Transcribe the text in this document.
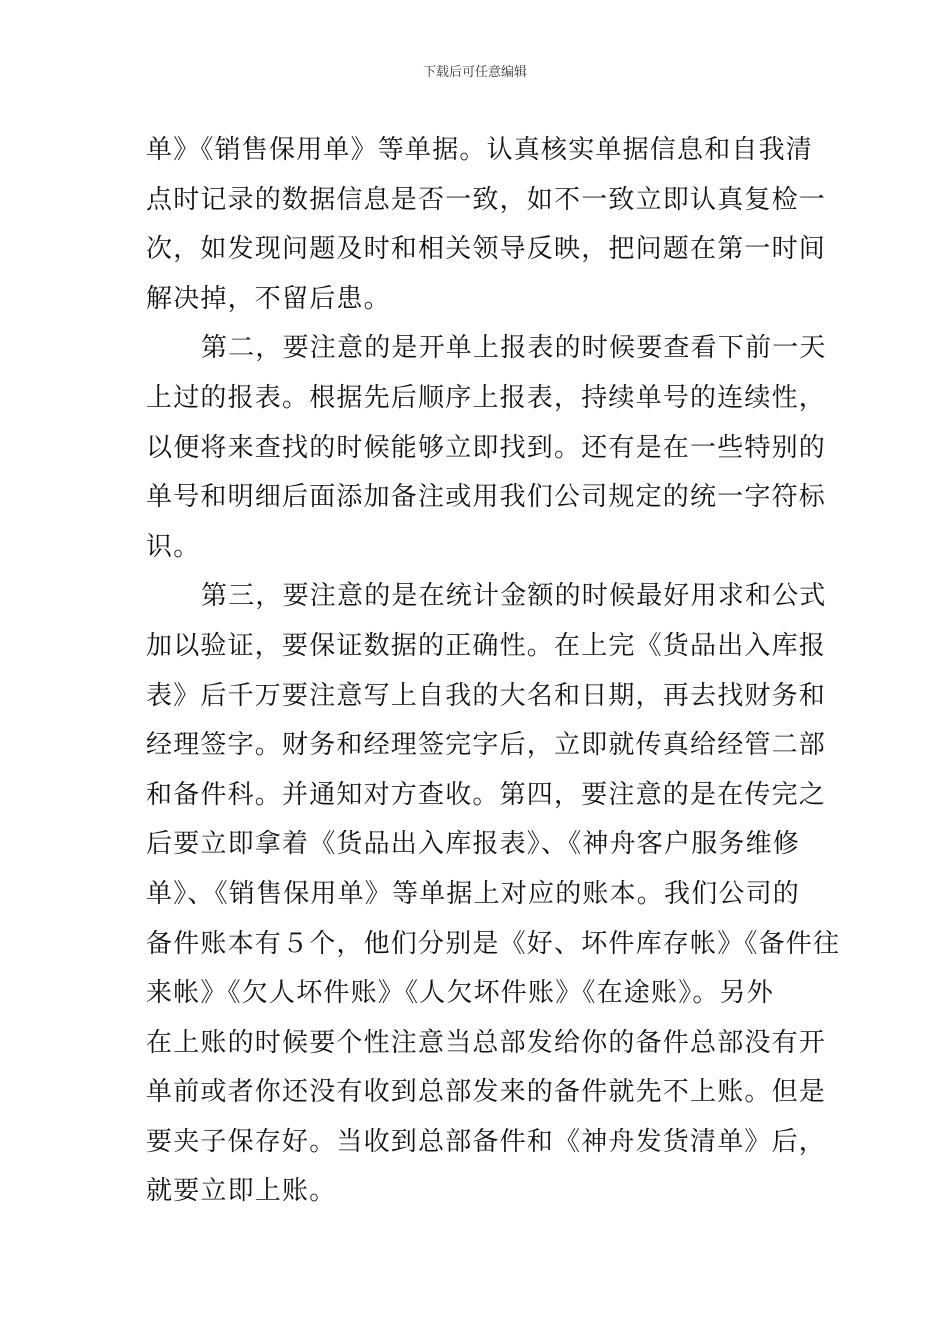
下载后可任意编辑
单》《销售保用单》等单据。认真核实单据信息和自我清
点时记录的数据信息是否一致，如不一致立即认真复检一
次，如发现问题及时和相关领导反映，把问题在第一时间
解决掉，不留后患。
第二，要注意的是开单上报表的时候要查看下前一天
上过的报表。根据先后顺序上报表，持续单号的连续性，
以便将来查找的时候能够立即找到。还有是在一些特别的
单号和明细后面添加备注或用我们公司规定的统一字符标
识。
第三，要注意的是在统计金额的时候最好用求和公式
加以验证，要保证数据的正确性。在上完《货品出入库报
表》后千万要注意写上自我的大名和日期，再去找财务和
经理签字。财务和经理签完字后，立即就传真给经管二部
和备件科。并通知对方查收。第四，要注意的是在传完之
后要立即拿着《货品出入库报表》、《神舟客户服务维修
单》、《销售保用单》等单据上对应的账本。我们公司的
备件账本有５个，他们分别是《好、坏件库存帐》《备件往
来帐》《欠人坏件账》《人欠坏件账》《在途账》。另外
在上账的时候要个性注意当总部发给你的备件总部没有开
单前或者你还没有收到总部发来的备件就先不上账。但是
要夹子保存好。当收到总部备件和《神舟发货清单》后，
就要立即上账。
